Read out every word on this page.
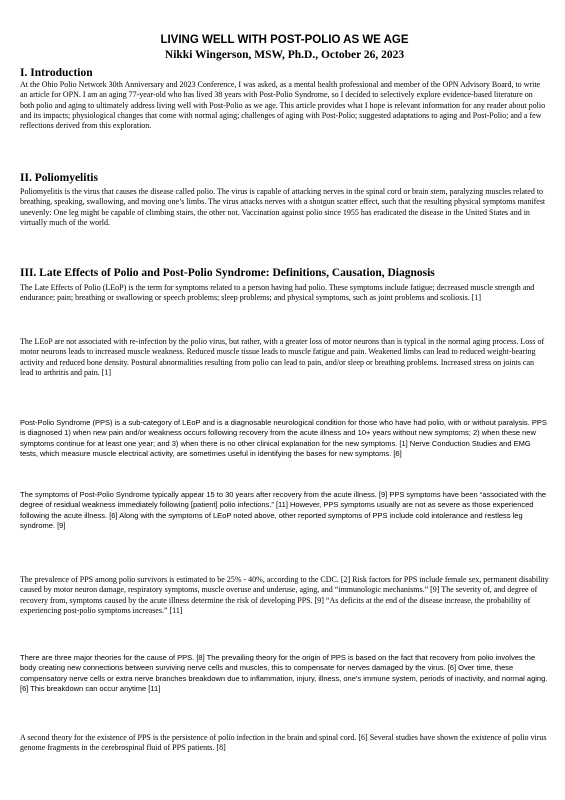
LIVING WELL WITH POST-POLIO AS WE AGE
Nikki Wingerson, MSW, Ph.D., October 26, 2023
I. Introduction

At the Ohio Polio Network 30th Anniversary and 2023 Conference, I was asked, as a mental health professional and member of the OPN Advisory Board, to write an article for OPN. I am an aging 77-year-old who has lived 38 years with Post-Polio Syndrome, so I decided to selectively explore evidence-based literature on both polio and aging to ultimately address living well with Post-Polio as we age. This article provides what I hope is relevant information for any reader about polio and its impacts; physiological changes that come with normal aging; challenges of aging with Post-Polio; suggested adaptations to aging and Post-Polio; and a few reflections derived from this exploration.

II. Poliomyelitis

Poliomyelitis is the virus that causes the disease called polio. The virus is capable of attacking nerves in the spinal cord or brain stem, paralyzing muscles related to breathing, speaking, swallowing, and moving one’s limbs. The virus attacks nerves with a shotgun scatter effect, such that the resulting physical symptoms manifest unevenly: One leg might be capable of climbing stairs, the other not. Vaccination against polio since 1955 has eradicated the disease in the United States and in virtually much of the world.

III. Late Effects of Polio and Post-Polio Syndrome: Definitions, Causation, Diagnosis

The Late Effects of Polio (LEoP) is the term for symptoms related to a person having had polio. These symptoms include fatigue; decreased muscle strength and endurance; pain; breathing or swallowing or speech problems; sleep problems; and physical symptoms, such as joint problems and scoliosis. [1]

The LEoP are not associated with re-infection by the polio virus, but rather, with a greater loss of motor neurons than is typical in the normal aging process. Loss of motor neurons leads to increased muscle weakness. Reduced muscle tissue leads to muscle fatigue and pain. Weakened limbs can lead to reduced weight-bearing activity and reduced bone density. Postural abnormalities resulting from polio can lead to pain, and/or sleep or breathing problems. Increased stress on joints can lead to arthritis and pain. [1]

Post-Polio Syndrome (PPS) is a sub-category of LEoP and is a diagnosable neurological condition for those who have had polio, with or without paralysis. PPS is diagnosed 1) when new pain and/or weakness occurs following recovery from the acute illness and 10+ years without new symptoms; 2) when these new symptoms continue for at least one year; and 3) when there is no other clinical explanation for the new symptoms. [1] Nerve Conduction Studies and EMG tests, which measure muscle electrical activity, are sometimes useful in identifying the bases for new symptoms. [6]

The symptoms of Post-Polio Syndrome typically appear 15 to 30 years after recovery from the acute illness. [9] PPS symptoms have been “associated with the degree of residual weakness immediately following [patient] polio infections.” [11] However, PPS symptoms usually are not as severe as those experienced following the acute illness. [6] Along with the symptoms of LEoP noted above, other reported symptoms of PPS include cold intolerance and restless leg syndrome. [9]

The prevalence of PPS among polio survivors is estimated to be 25% - 40%, according to the CDC. [2] Risk factors for PPS include female sex, permanent disability caused by motor neuron damage, respiratory symptoms, muscle overuse and underuse, aging, and “immunologic mechanisms.” [9] The severity of, and degree of recovery from, symptoms caused by the acute illness determine the risk of developing PPS. [9] “As deficits at the end of the disease increase, the probability of experiencing post-polio symptoms increases.” [11]

There are three major theories for the cause of PPS. [8] The prevailing theory for the origin of PPS is based on the fact that recovery from polio involves the body creating new connections between surviving nerve cells and muscles, this to compensate for nerves damaged by the virus. [6] Over time, these compensatory nerve cells or extra nerve branches breakdown due to inflammation, injury, illness, one’s immune system, periods of inactivity, and normal aging. [6] This breakdown can occur anytime [11]

A second theory for the existence of PPS is the persistence of polio infection in the brain and spinal cord. [6] Several studies have shown the existence of polio virus genome fragments in the cerebrospinal fluid of PPS patients. [8]
